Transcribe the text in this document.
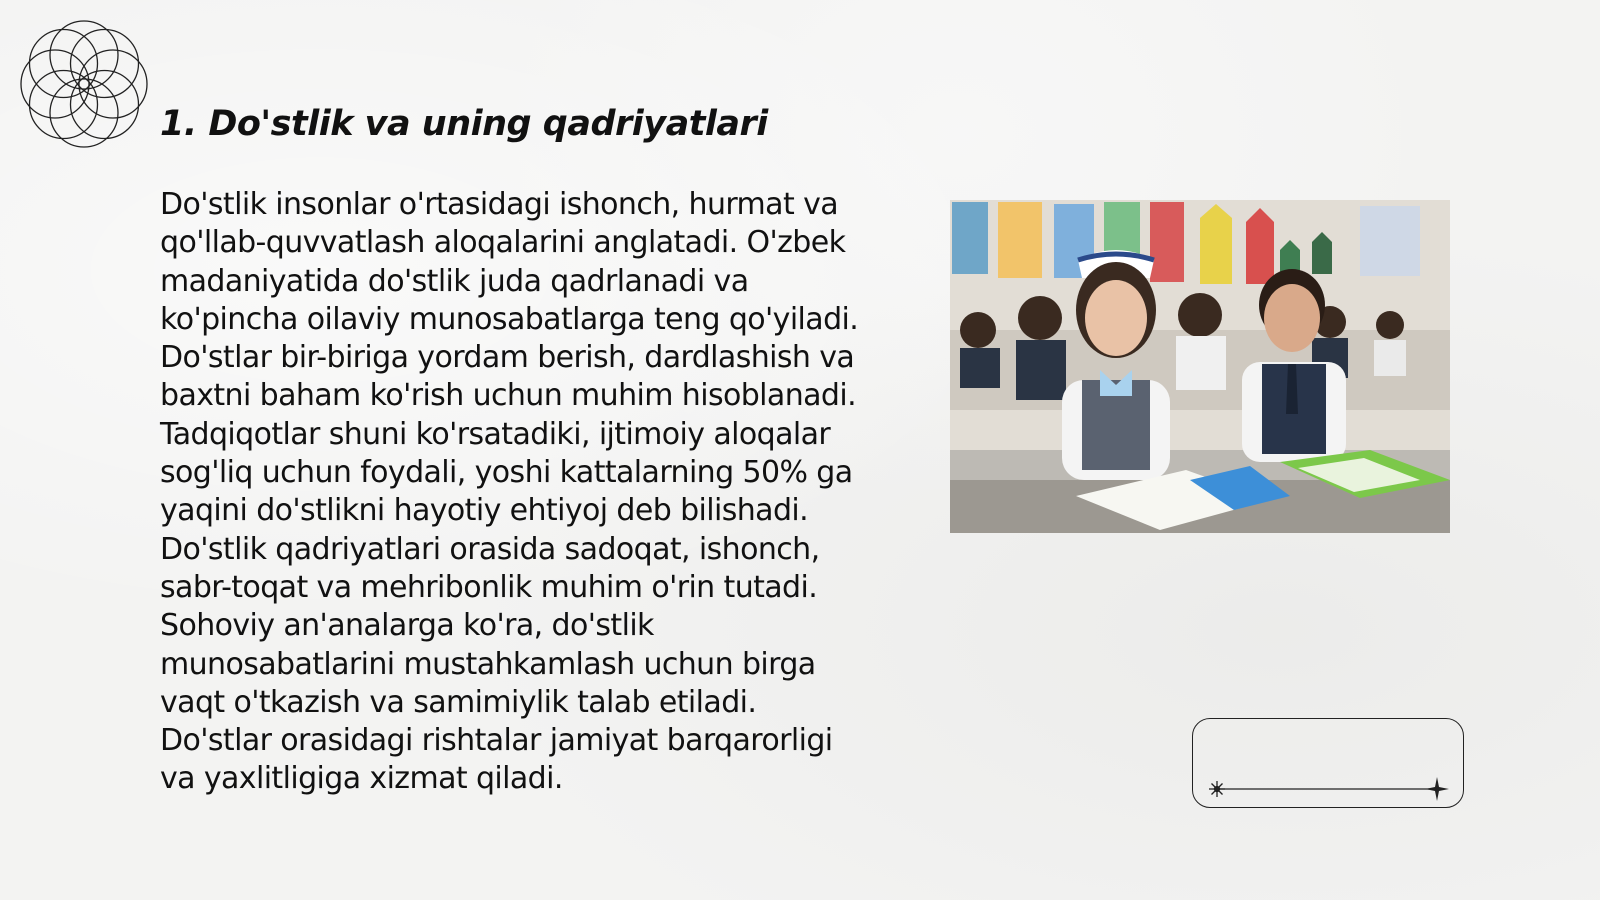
1. Do'stlik va uning qadriyatlari

Do'stlik insonlar o'rtasidagi ishonch, hurmat va qo'llab-quvvatlash aloqalarini anglatadi. O'zbek madaniyatida do'stlik juda qadrlanadi va ko'pincha oilaviy munosabatlarga teng qo'yiladi. Do'stlar bir-biriga yordam berish, dardlashish va baxtni baham ko'rish uchun muhim hisoblanadi. Tadqiqotlar shuni ko'rsatadiki, ijtimoiy aloqalar sog'liq uchun foydali, yoshi kattalarning 50% ga yaqini do'stlikni hayotiy ehtiyoj deb bilishadi. Do'stlik qadriyatlari orasida sadoqat, ishonch, sabr-toqat va mehribonlik muhim o'rin tutadi. Sohoviy an'analarga ko'ra, do'stlik munosabatlarini mustahkamlash uchun birga vaqt o'tkazish va samimiylik talab etiladi. Do'stlar orasidagi rishtalar jamiyat barqarorligi va yaxlitligiga xizmat qiladi.
